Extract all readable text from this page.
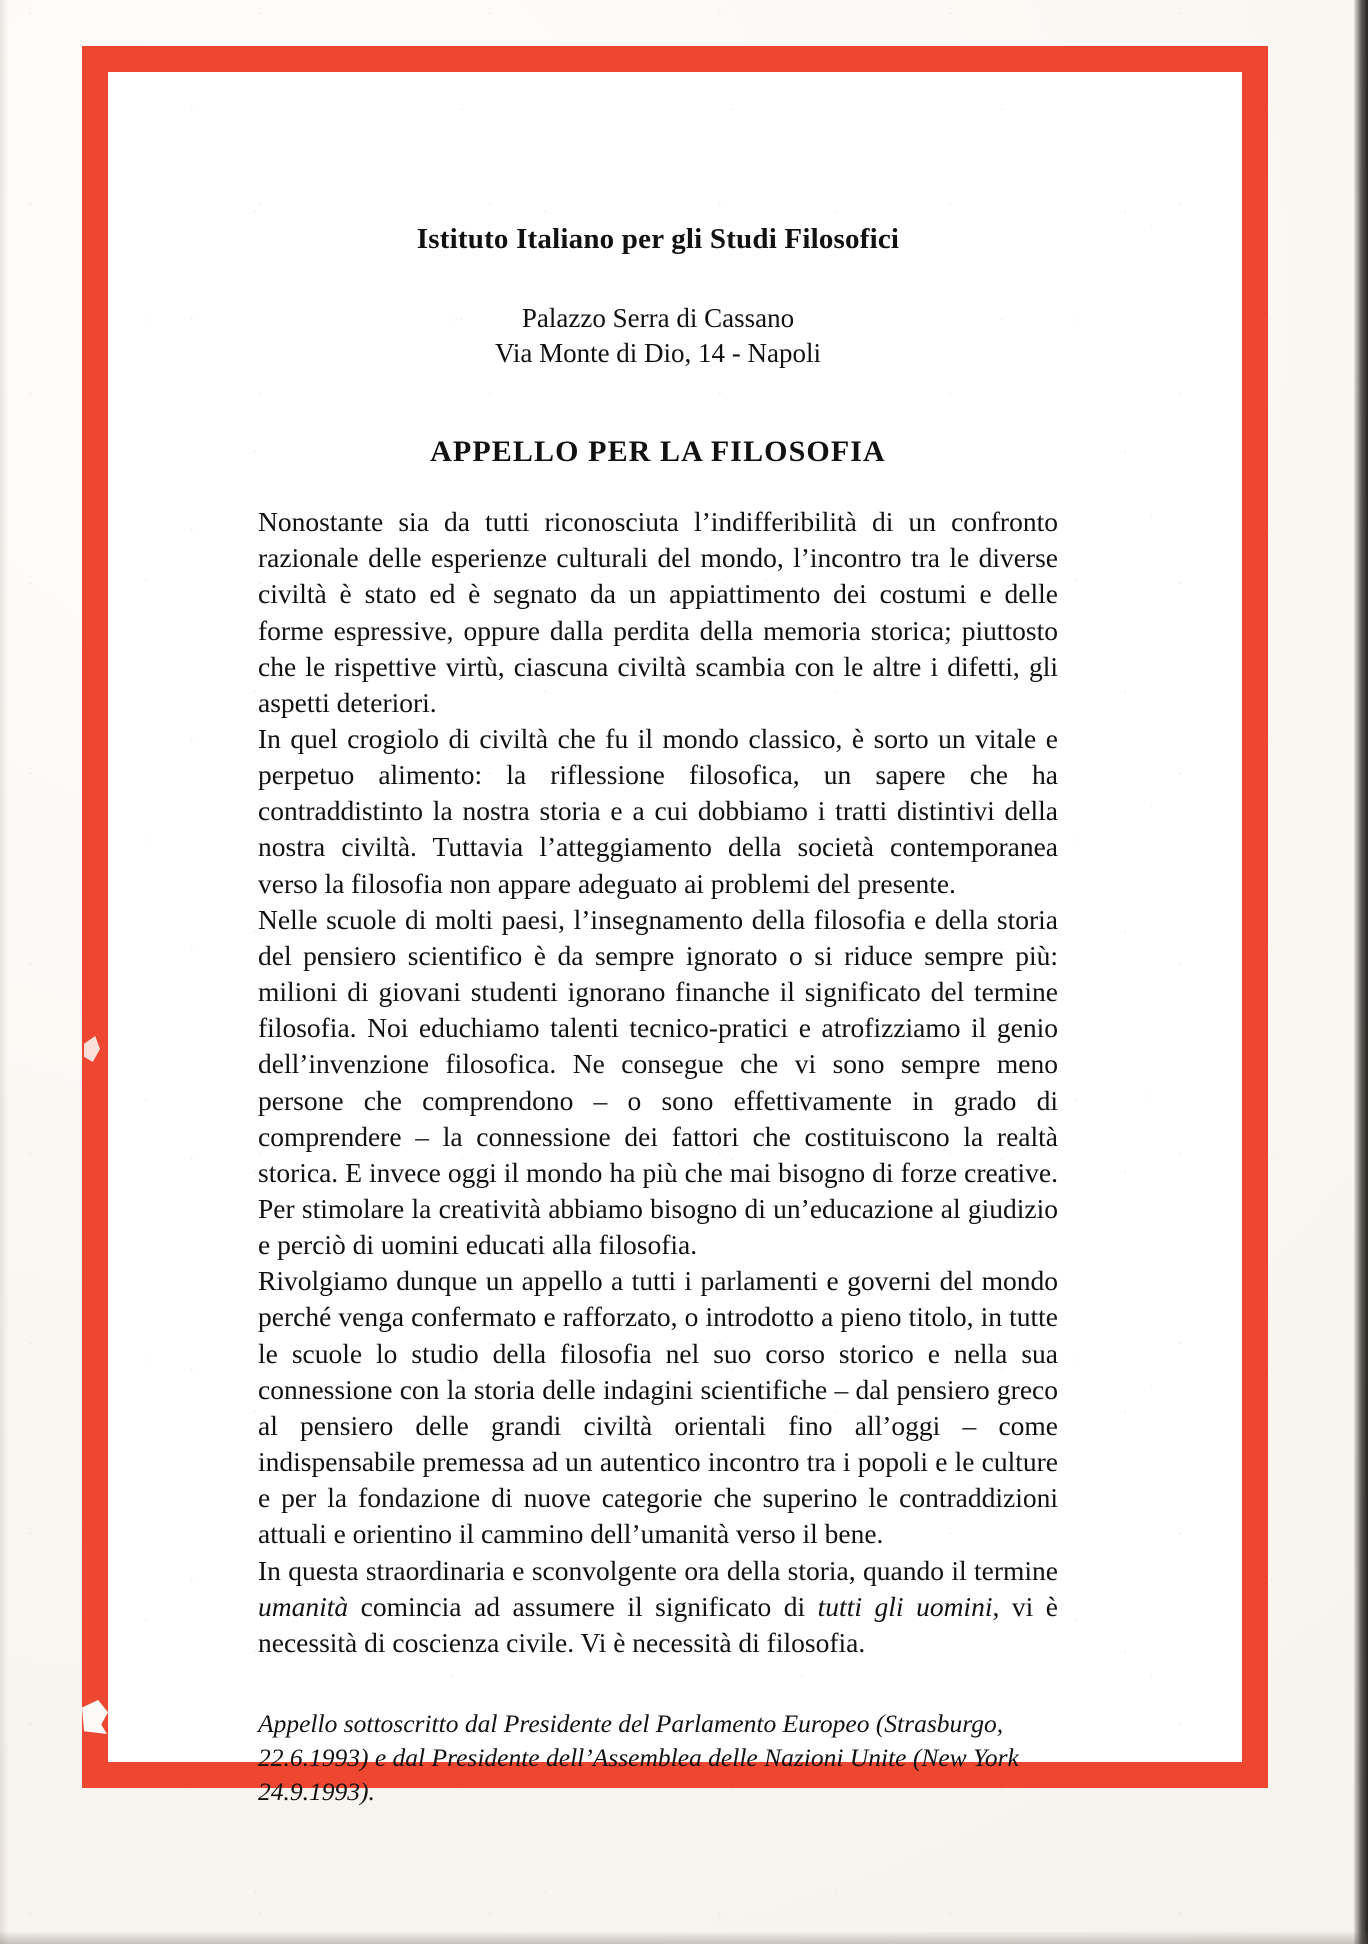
Istituto Italiano per gli Studi Filosofici
Palazzo Serra di Cassano
Via Monte di Dio, 14 - Napoli
APPELLO PER LA FILOSOFIA

Nonostante sia da tutti riconosciuta l’indifferibilità di un confronto razionale delle esperienze culturali del mondo, l’incontro tra le diverse civiltà è stato ed è segnato da un appiattimento dei costumi e delle forme espressive, oppure dalla perdita della memoria storica; piuttosto che le rispettive virtù, ciascuna civiltà scambia con le altre i difetti, gli aspetti deteriori.

In quel crogiolo di civiltà che fu il mondo classico, è sorto un vitale e perpetuo alimento: la riflessione filosofica, un sapere che ha contraddistinto la nostra storia e a cui dobbiamo i tratti distintivi della nostra civiltà. Tuttavia l’atteggiamento della società contemporanea verso la filosofia non appare adeguato ai problemi del presente.

Nelle scuole di molti paesi, l’insegnamento della filosofia e della storia del pensiero scientifico è da sempre ignorato o si riduce sempre più: milioni di giovani studenti ignorano finanche il significato del termine filosofia. Noi educhiamo talenti tecnico-pratici e atrofizziamo il genio dell’invenzione filosofica. Ne consegue che vi sono sempre meno persone che comprendono – o sono effettivamente in grado di comprendere – la connessione dei fattori che costituiscono la realtà storica. E invece oggi il mondo ha più che mai bisogno di forze creative. Per stimolare la creatività abbiamo bisogno di un’educazione al giudizio e perciò di uomini educati alla filosofia.

Rivolgiamo dunque un appello a tutti i parlamenti e governi del mondo perché venga confermato e rafforzato, o introdotto a pieno titolo, in tutte le scuole lo studio della filosofia nel suo corso storico e nella sua connessione con la storia delle indagini scientifiche – dal pensiero greco al pensiero delle grandi civiltà orientali fino all’oggi – come indispensabile premessa ad un autentico incontro tra i popoli e le culture e per la fondazione di nuove categorie che superino le contraddizioni attuali e orientino il cammino dell’umanità verso il bene.

In questa straordinaria e sconvolgente ora della storia, quando il termine umanità comincia ad assumere il significato di tutti gli uomini, vi è necessità di coscienza civile. Vi è necessità di filosofia.

Appello sottoscritto dal Presidente del Parlamento Europeo (Strasburgo, 22.6.1993) e dal Presidente dell’Assemblea delle Nazioni Unite (New York 24.9.1993).
